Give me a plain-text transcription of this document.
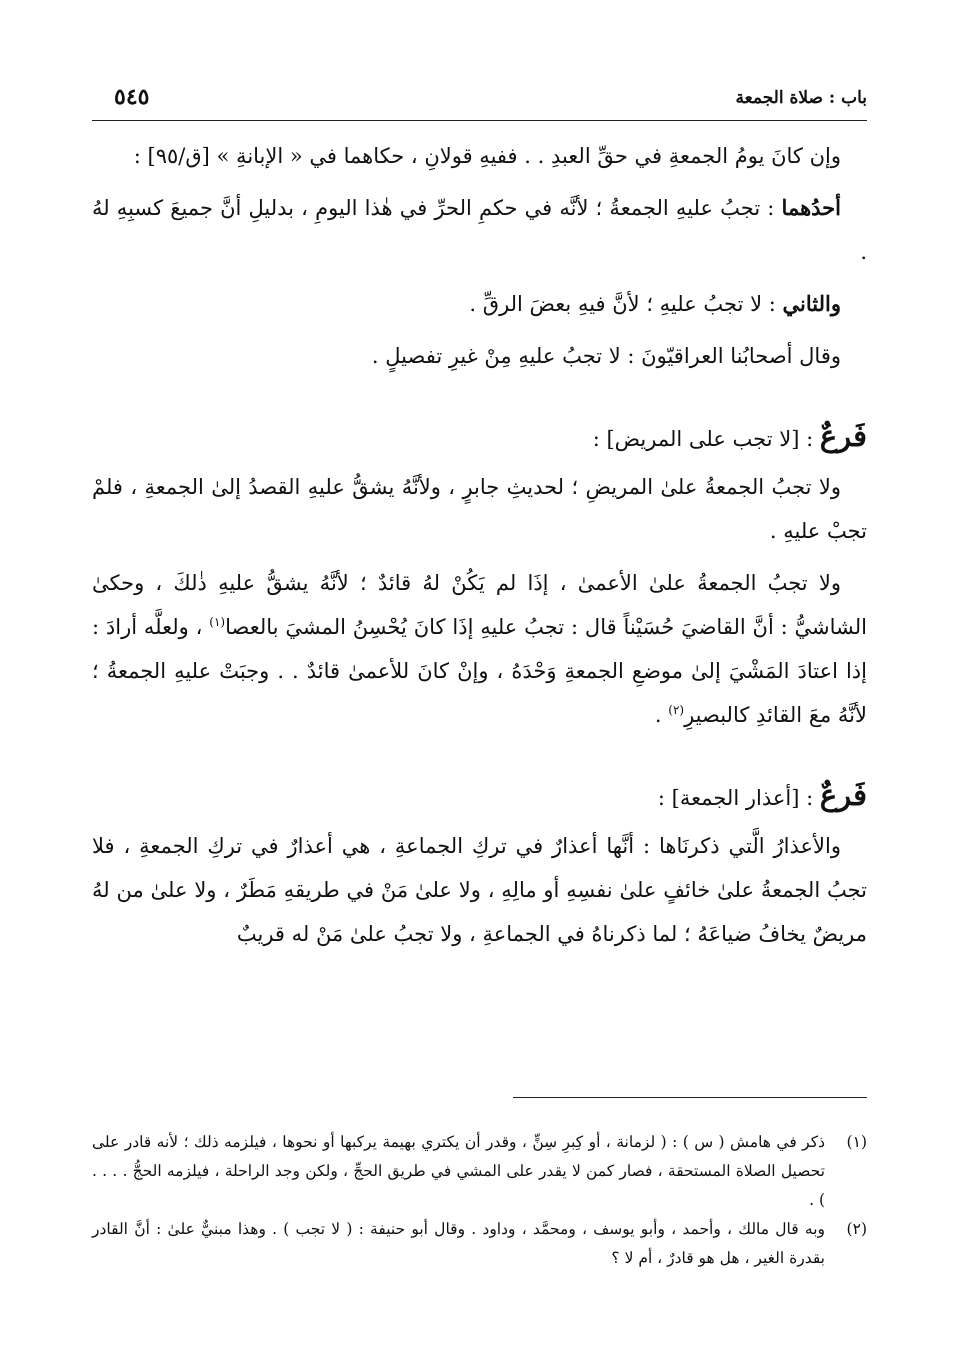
باب : صلاة الجمعة
٥٤٥

وإن كانَ يومُ الجمعةِ في حقِّ العبدِ . . ففيهِ قولانِ ، حكاهما في « الإبانةِ » [ق/٩٥] :

أحدُهما : تجبُ عليهِ الجمعةُ ؛ لأنَّه في حكمِ الحرِّ في هٰذا اليومِ ، بدليلِ أنَّ جميعَ كسبِهِ لهُ .

والثاني : لا تجبُ عليهِ ؛ لأنَّ فيهِ بعضَ الرقِّ .

وقال أصحابُنا العراقيّونَ : لا تجبُ عليهِ مِنْ غيرِ تفصيلٍ .

فَرعٌ : [لا تجب على المريض] :

ولا تجبُ الجمعةُ علىٰ المريضِ ؛ لحديثِ جابرٍ ، ولأنَّهُ يشقُّ عليهِ القصدُ إلىٰ الجمعةِ ، فلمْ تجبْ عليهِ .

ولا تجبُ الجمعةُ علىٰ الأعمىٰ ، إذَا لم يَكُنْ لهُ قائدٌ ؛ لأنَّهُ يشقُّ عليهِ ذٰلكَ ، وحكىٰ الشاشيُّ : أنَّ القاضيَ حُسَيْناً قال : تجبُ عليهِ إذَا كانَ يُحْسِنُ المشيَ بالعصا$^{(١)}$ ، ولعلَّه أرادَ : إذا اعتادَ المَشْيَ إلىٰ موضعِ الجمعةِ وَحْدَهُ ، وإنْ كانَ للأعمىٰ قائدٌ . . وجبَتْ عليهِ الجمعةُ ؛ لأنَّهُ معَ القائدِ كالبصيرِ$^{(٢)}$ .

فَرعٌ : [أعذار الجمعة] :

والأعذارُ الَّتي ذكرنَاها : أنَّها أعذارٌ في تركِ الجماعةِ ، هي أعذارٌ في تركِ الجمعةِ ، فلا تجبُ الجمعةُ علىٰ خائفٍ علىٰ نفسِهِ أو مالِهِ ، ولا علىٰ مَنْ في طريقهِ مَطَرٌ ، ولا علىٰ من لهُ مريضٌ يخافُ ضياعَهُ ؛ لما ذكرناهُ في الجماعةِ ، ولا تجبُ علىٰ مَنْ له قريبٌ

(١)
ذكر في هامش ( س ) : ( لزمانة ، أو كِبرِ سِنٍّ ، وقدر أن يكتري بهيمة يركبها أو نحوها ، فيلزمه ذلك ؛ لأنه قادر على تحصيل الصلاة المستحقة ، فصار كمن لا يقدر على المشي في طريق الحجِّ ، ولكن وجد الراحلة ، فيلزمه الحجُّ . . . . ) .
(٢)
وبه قال مالك ، وأحمد ، وأبو يوسف ، ومحمَّد ، وداود . وقال أبو حنيفة : ( لا تجب ) . وهذا مبنيٌّ علىٰ : أنَّ القادر بقدرة الغير ، هل هو قادرٌ ، أم لا ؟
